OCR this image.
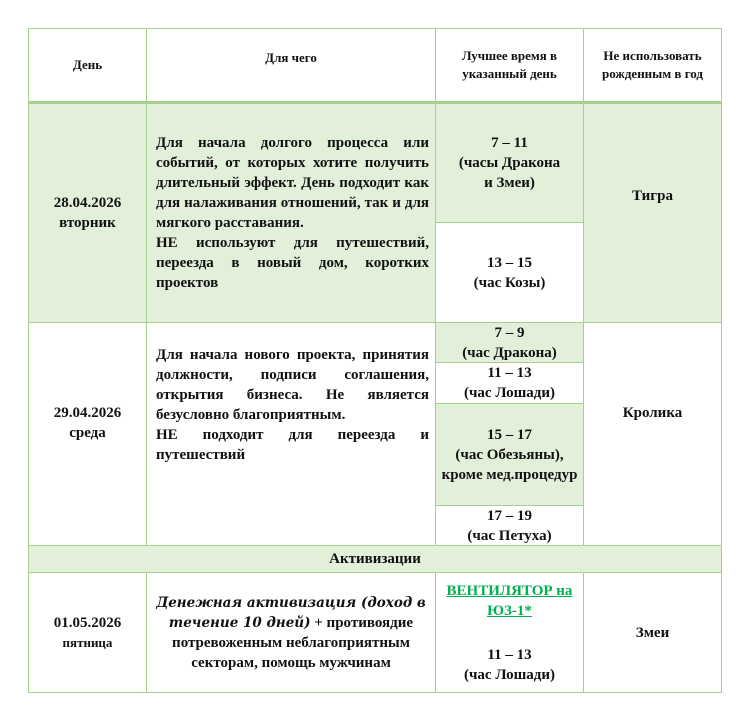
День	Для чего	Лучшее время в указанный день
Не использовать рожденным в год
28.04.2026
вторник
Для начала долгого процесса или событий, от которых хотите получить длительный эффект. День подходит как для налаживания отношений, так и для мягкого расставания.
НЕ используют для путешествий, переезда в новый дом, коротких проектов
7 – 11
(часы Дракона и Змеи)
13 – 15
(час Козы)
Тигра
29.04.2026
среда
Для начала нового проекта, принятия должности, подписи соглашения, открытия бизнеса. Не является безусловно благоприятным.
НЕ подходит для переезда и путешествий
7 – 9
(час Дракона)
11 – 13
(час Лошади)
15 – 17
(час Обезьяны), кроме мед.процедур
17 – 19
(час Петуха)
Кролика
Активизации
01.05.2026
пятница
Денежная активизация (доход в течение 10 дней) + противоядие потревоженным неблагоприятным секторам, помощь мужчинам
ВЕНТИЛЯТОР на ЮЗ-1*
11 – 13
(час Лошади)
Змеи
